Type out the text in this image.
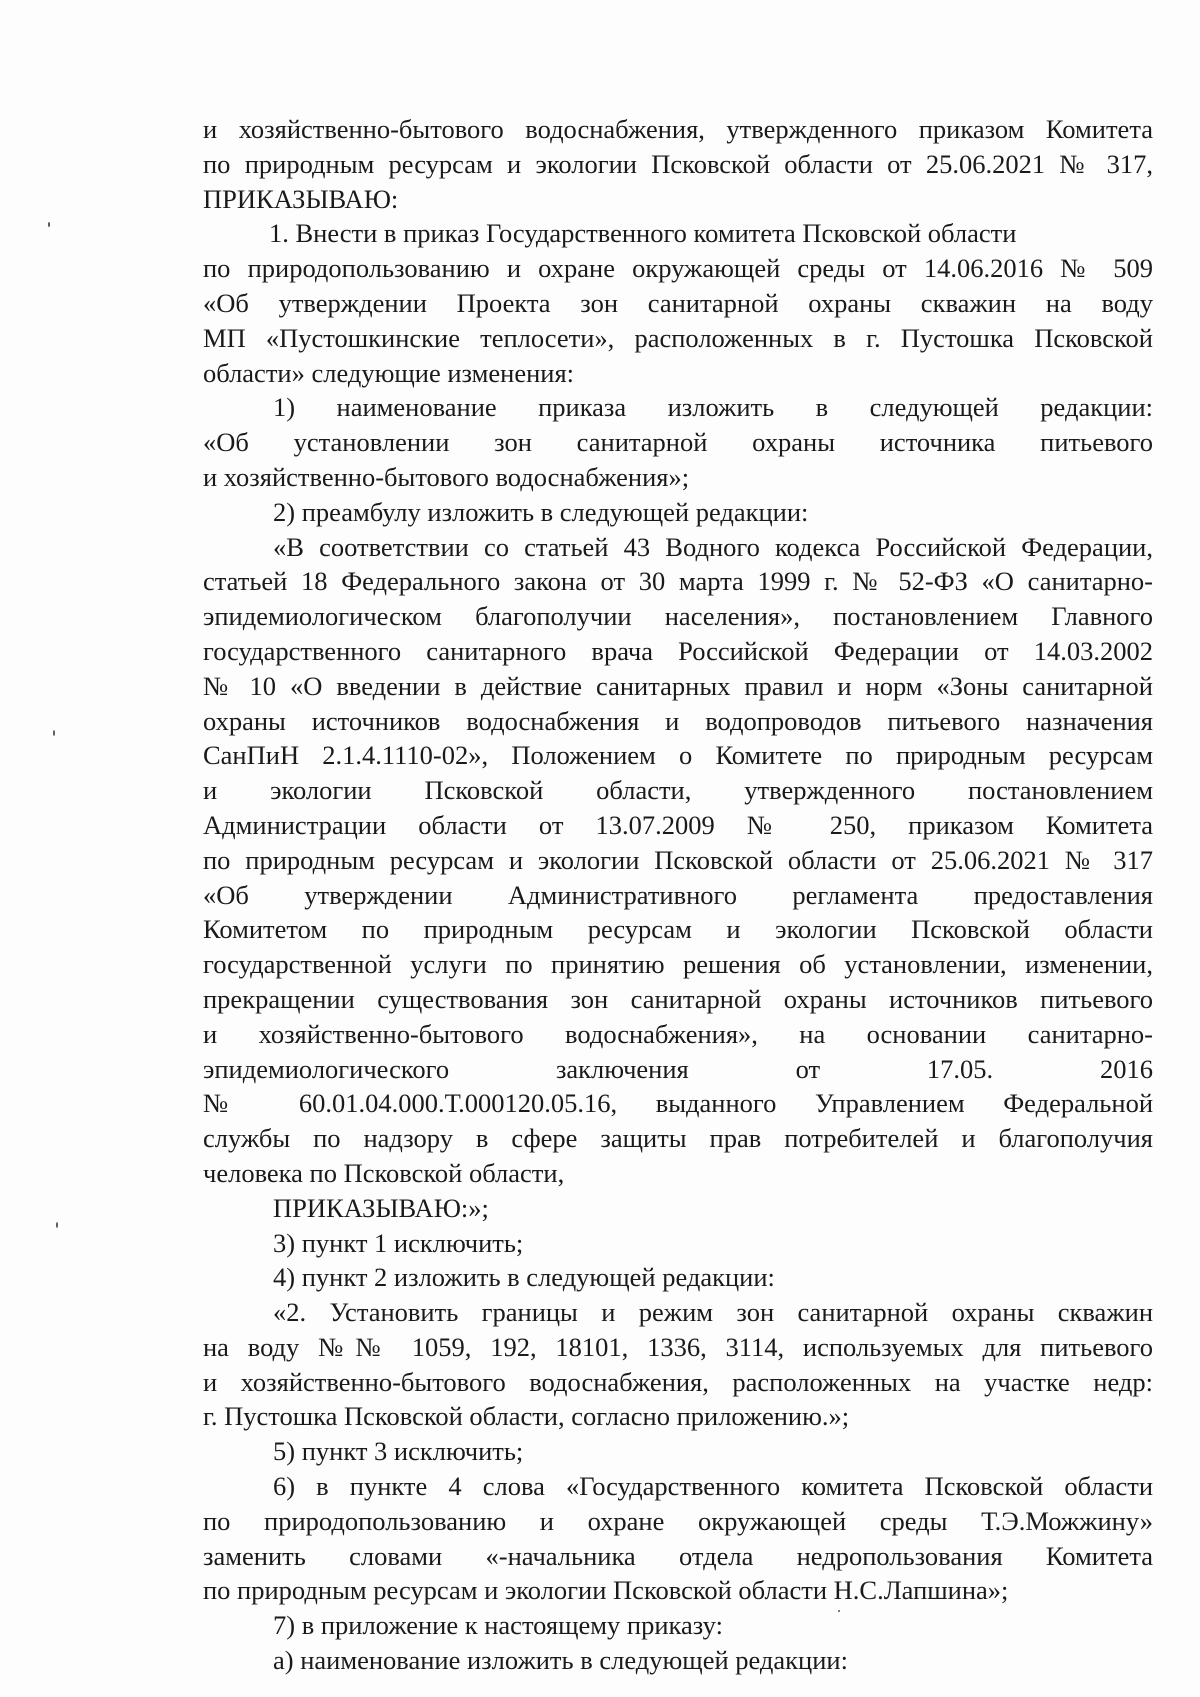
и хозяйственно-бытового водоснабжения, утвержденного приказом Комитета
по природным ресурсам и экологии Псковской области от 25.06.2021 № 317,
ПРИКАЗЫВАЮ:
1. Внести в приказ Государственного комитета Псковской области
по природопользованию и охране окружающей среды от 14.06.2016 № 509
«Об утверждении Проекта зон санитарной охраны скважин на воду
МП «Пустошкинские теплосети», расположенных в г. Пустошка Псковской
области» следующие изменения:
1) наименование приказа изложить в следующей редакции:
«Об установлении зон санитарной охраны источника питьевого
и хозяйственно-бытового водоснабжения»;
2) преамбулу изложить в следующей редакции:
«В соответствии со статьей 43 Водного кодекса Российской Федерации,
статьей 18 Федерального закона от 30 марта 1999 г. № 52-ФЗ «О санитарно-
эпидемиологическом благополучии населения», постановлением Главного
государственного санитарного врача Российской Федерации от 14.03.2002
№ 10 «О введении в действие санитарных правил и норм «Зоны санитарной
охраны источников водоснабжения и водопроводов питьевого назначения
СанПиН 2.1.4.1110-02», Положением о Комитете по природным ресурсам
и экологии Псковской области, утвержденного постановлением
Администрации области от 13.07.2009 № 250, приказом Комитета
по природным ресурсам и экологии Псковской области от 25.06.2021 № 317
«Об утверждении Административного регламента предоставления
Комитетом по природным ресурсам и экологии Псковской области
государственной услуги по принятию решения об установлении, изменении,
прекращении существования зон санитарной охраны источников питьевого
и хозяйственно-бытового водоснабжения», на основании санитарно-
эпидемиологического заключения от 17.05. 2016
№ 60.01.04.000.Т.000120.05.16, выданного Управлением Федеральной
службы по надзору в сфере защиты прав потребителей и благополучия
человека по Псковской области,
ПРИКАЗЫВАЮ:»;
3) пункт 1 исключить;
4) пункт 2 изложить в следующей редакции:
«2. Установить границы и режим зон санитарной охраны скважин
на воду №№ 1059, 192, 18101, 1336, 3114, используемых для питьевого
и хозяйственно-бытового водоснабжения, расположенных на участке недр:
г. Пустошка Псковской области, согласно приложению.»;
5) пункт 3 исключить;
6) в пункте 4 слова «Государственного комитета Псковской области
по природопользованию и охране окружающей среды Т.Э.Можжину»
заменить словами «-начальника отдела недропользования Комитета
по природным ресурсам и экологии Псковской области Н.С.Лапшина»;
7) в приложение к настоящему приказу:
а) наименование изложить в следующей редакции:
